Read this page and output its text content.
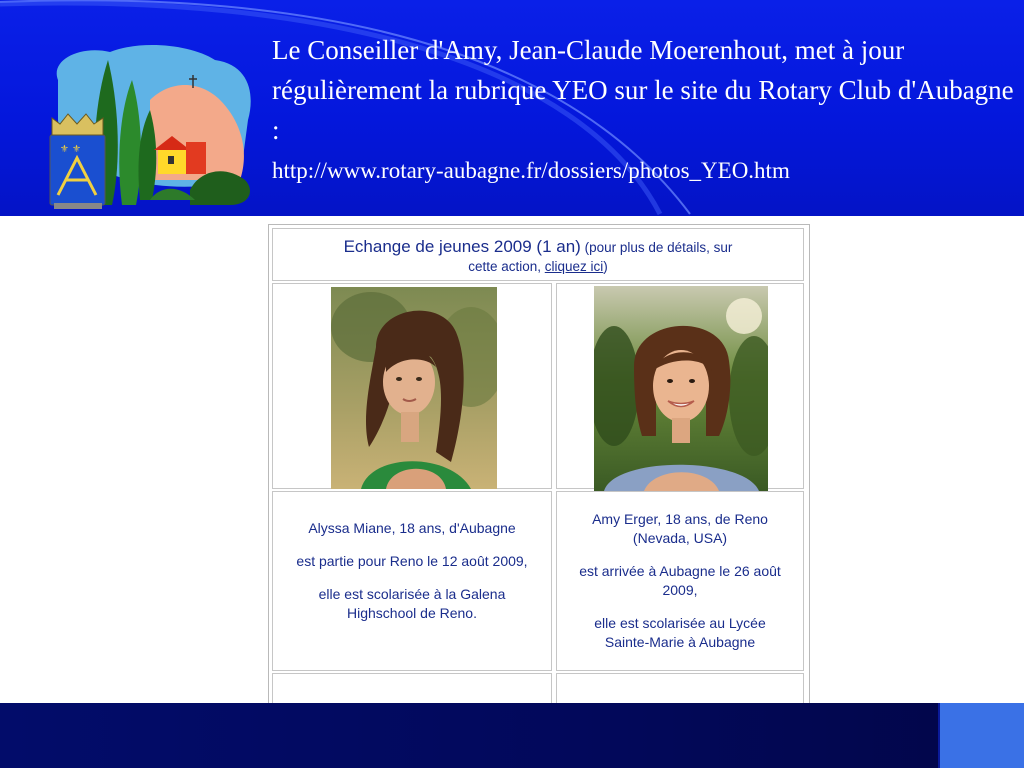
⚜ ⚜
Le Conseiller d'Amy, Jean-Claude Moerenhout, met à jour régulièrement la rubrique YEO sur le site du Rotary Club d'Aubagne :
http://www.rotary-aubagne.fr/dossiers/photos_YEO.htm
Echange de jeunes 2009 (1 an) (pour plus de détails, sur
cette action, cliquez ici)

Alyssa Miane, 18 ans, d'Aubagne

est partie pour Reno le 12 août 2009,

elle est scolarisée à la Galena Highschool de Reno.

Amy Erger, 18 ans, de Reno (Nevada, USA)

est arrivée à Aubagne le 26 août 2009,

elle est scolarisée au Lycée Sainte-Marie à Aubagne
